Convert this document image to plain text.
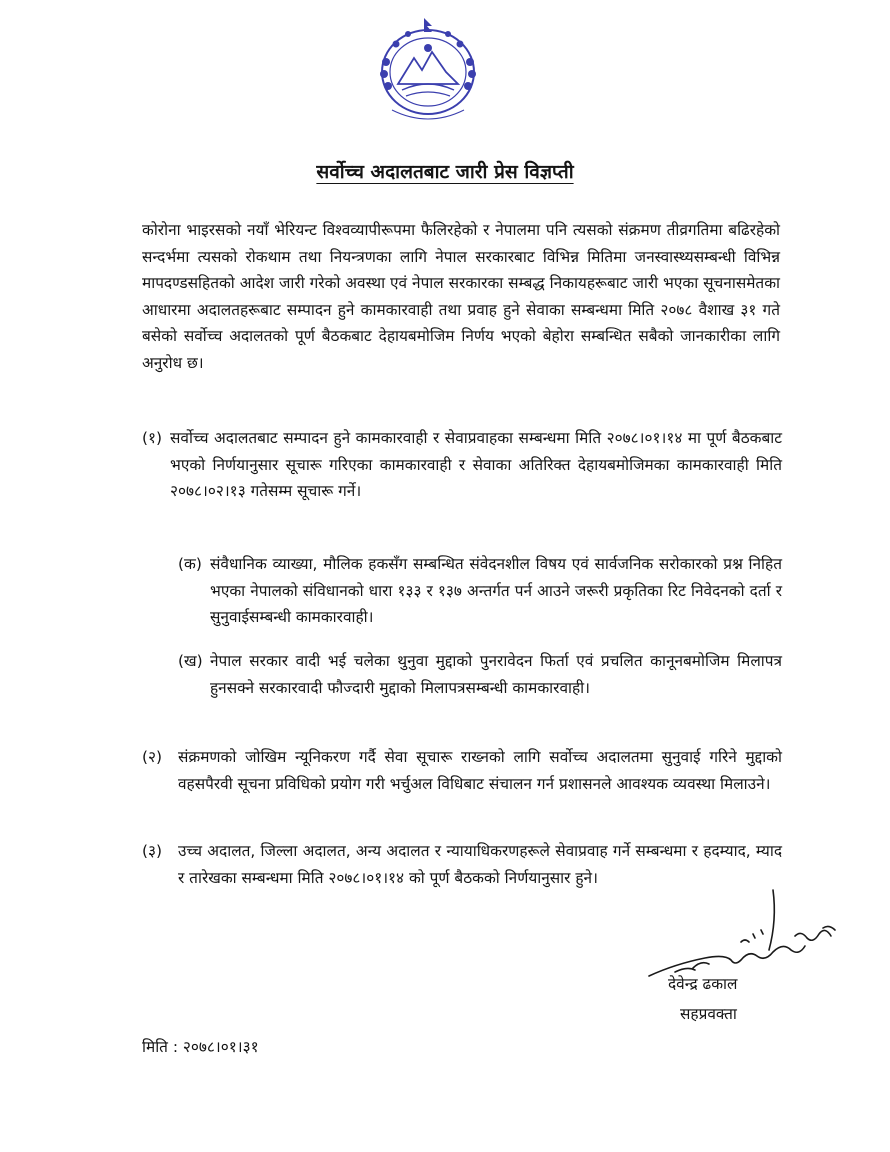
सर्वोच्च अदालतबाट जारी प्रेस विज्ञप्ती
कोरोना भाइरसको नयाँ भेरियन्ट विश्वव्यापीरूपमा फैलिरहेको र नेपालमा पनि त्यसको संक्रमण तीव्रगतिमा बढिरहेको सन्दर्भमा त्यसको रोकथाम तथा नियन्त्रणका लागि नेपाल सरकारबाट विभिन्न मितिमा जनस्वास्थ्यसम्बन्धी विभिन्न मापदण्डसहितको आदेश जारी गरेको अवस्था एवं नेपाल सरकारका सम्बद्ध निकायहरूबाट जारी भएका सूचनासमेतका आधारमा अदालतहरूबाट सम्पादन हुने कामकारवाही तथा प्रवाह हुने सेवाका सम्बन्धमा मिति २०७८ वैशाख ३१ गते बसेको सर्वोच्च अदालतको पूर्ण बैठकबाट देहायबमोजिम निर्णय भएको बेहोरा सम्बन्धित सबैको जानकारीका लागि अनुरोध छ।
(१) सर्वोच्च अदालतबाट सम्पादन हुने कामकारवाही र सेवाप्रवाहका सम्बन्धमा मिति २०७८।०१।१४ मा पूर्ण बैठकबाट भएको निर्णयानुसार सूचारू गरिएका कामकारवाही र सेवाका अतिरिक्त देहायबमोजिमका कामकारवाही मिति २०७८।०२।१३ गतेसम्म सूचारू गर्ने।
(क) संवैधानिक व्याख्या, मौलिक हकसँग सम्बन्धित संवेदनशील विषय एवं सार्वजनिक सरोकारको प्रश्न निहित भएका नेपालको संविधानको धारा १३३ र १३७ अन्तर्गत पर्न आउने जरूरी प्रकृतिका रिट निवेदनको दर्ता र सुनुवाईसम्बन्धी कामकारवाही।
(ख) नेपाल सरकार वादी भई चलेका थुनुवा मुद्दाको पुनरावेदन फिर्ता एवं प्रचलित कानूनबमोजिम मिलापत्र हुनसक्ने सरकारवादी फौज्दारी मुद्दाको मिलापत्रसम्बन्धी कामकारवाही।
(२) संक्रमणको जोखिम न्यूनिकरण गर्दै सेवा सूचारू राख्नको लागि सर्वोच्च अदालतमा सुनुवाई गरिने मुद्दाको वहसपैरवी सूचना प्रविधिको प्रयोग गरी भर्चुअल विधिबाट संचालन गर्न प्रशासनले आवश्यक व्यवस्था मिलाउने।
(३) उच्च अदालत, जिल्ला अदालत, अन्य अदालत र न्यायाधिकरणहरूले सेवाप्रवाह गर्ने सम्बन्धमा र हदम्याद, म्याद र तारेखका सम्बन्धमा मिति २०७८।०१।१४ को पूर्ण बैठकको निर्णयानुसार हुने।
देवेन्द्र ढकाल
सहप्रवक्ता
मिति : २०७८।०१।३१
